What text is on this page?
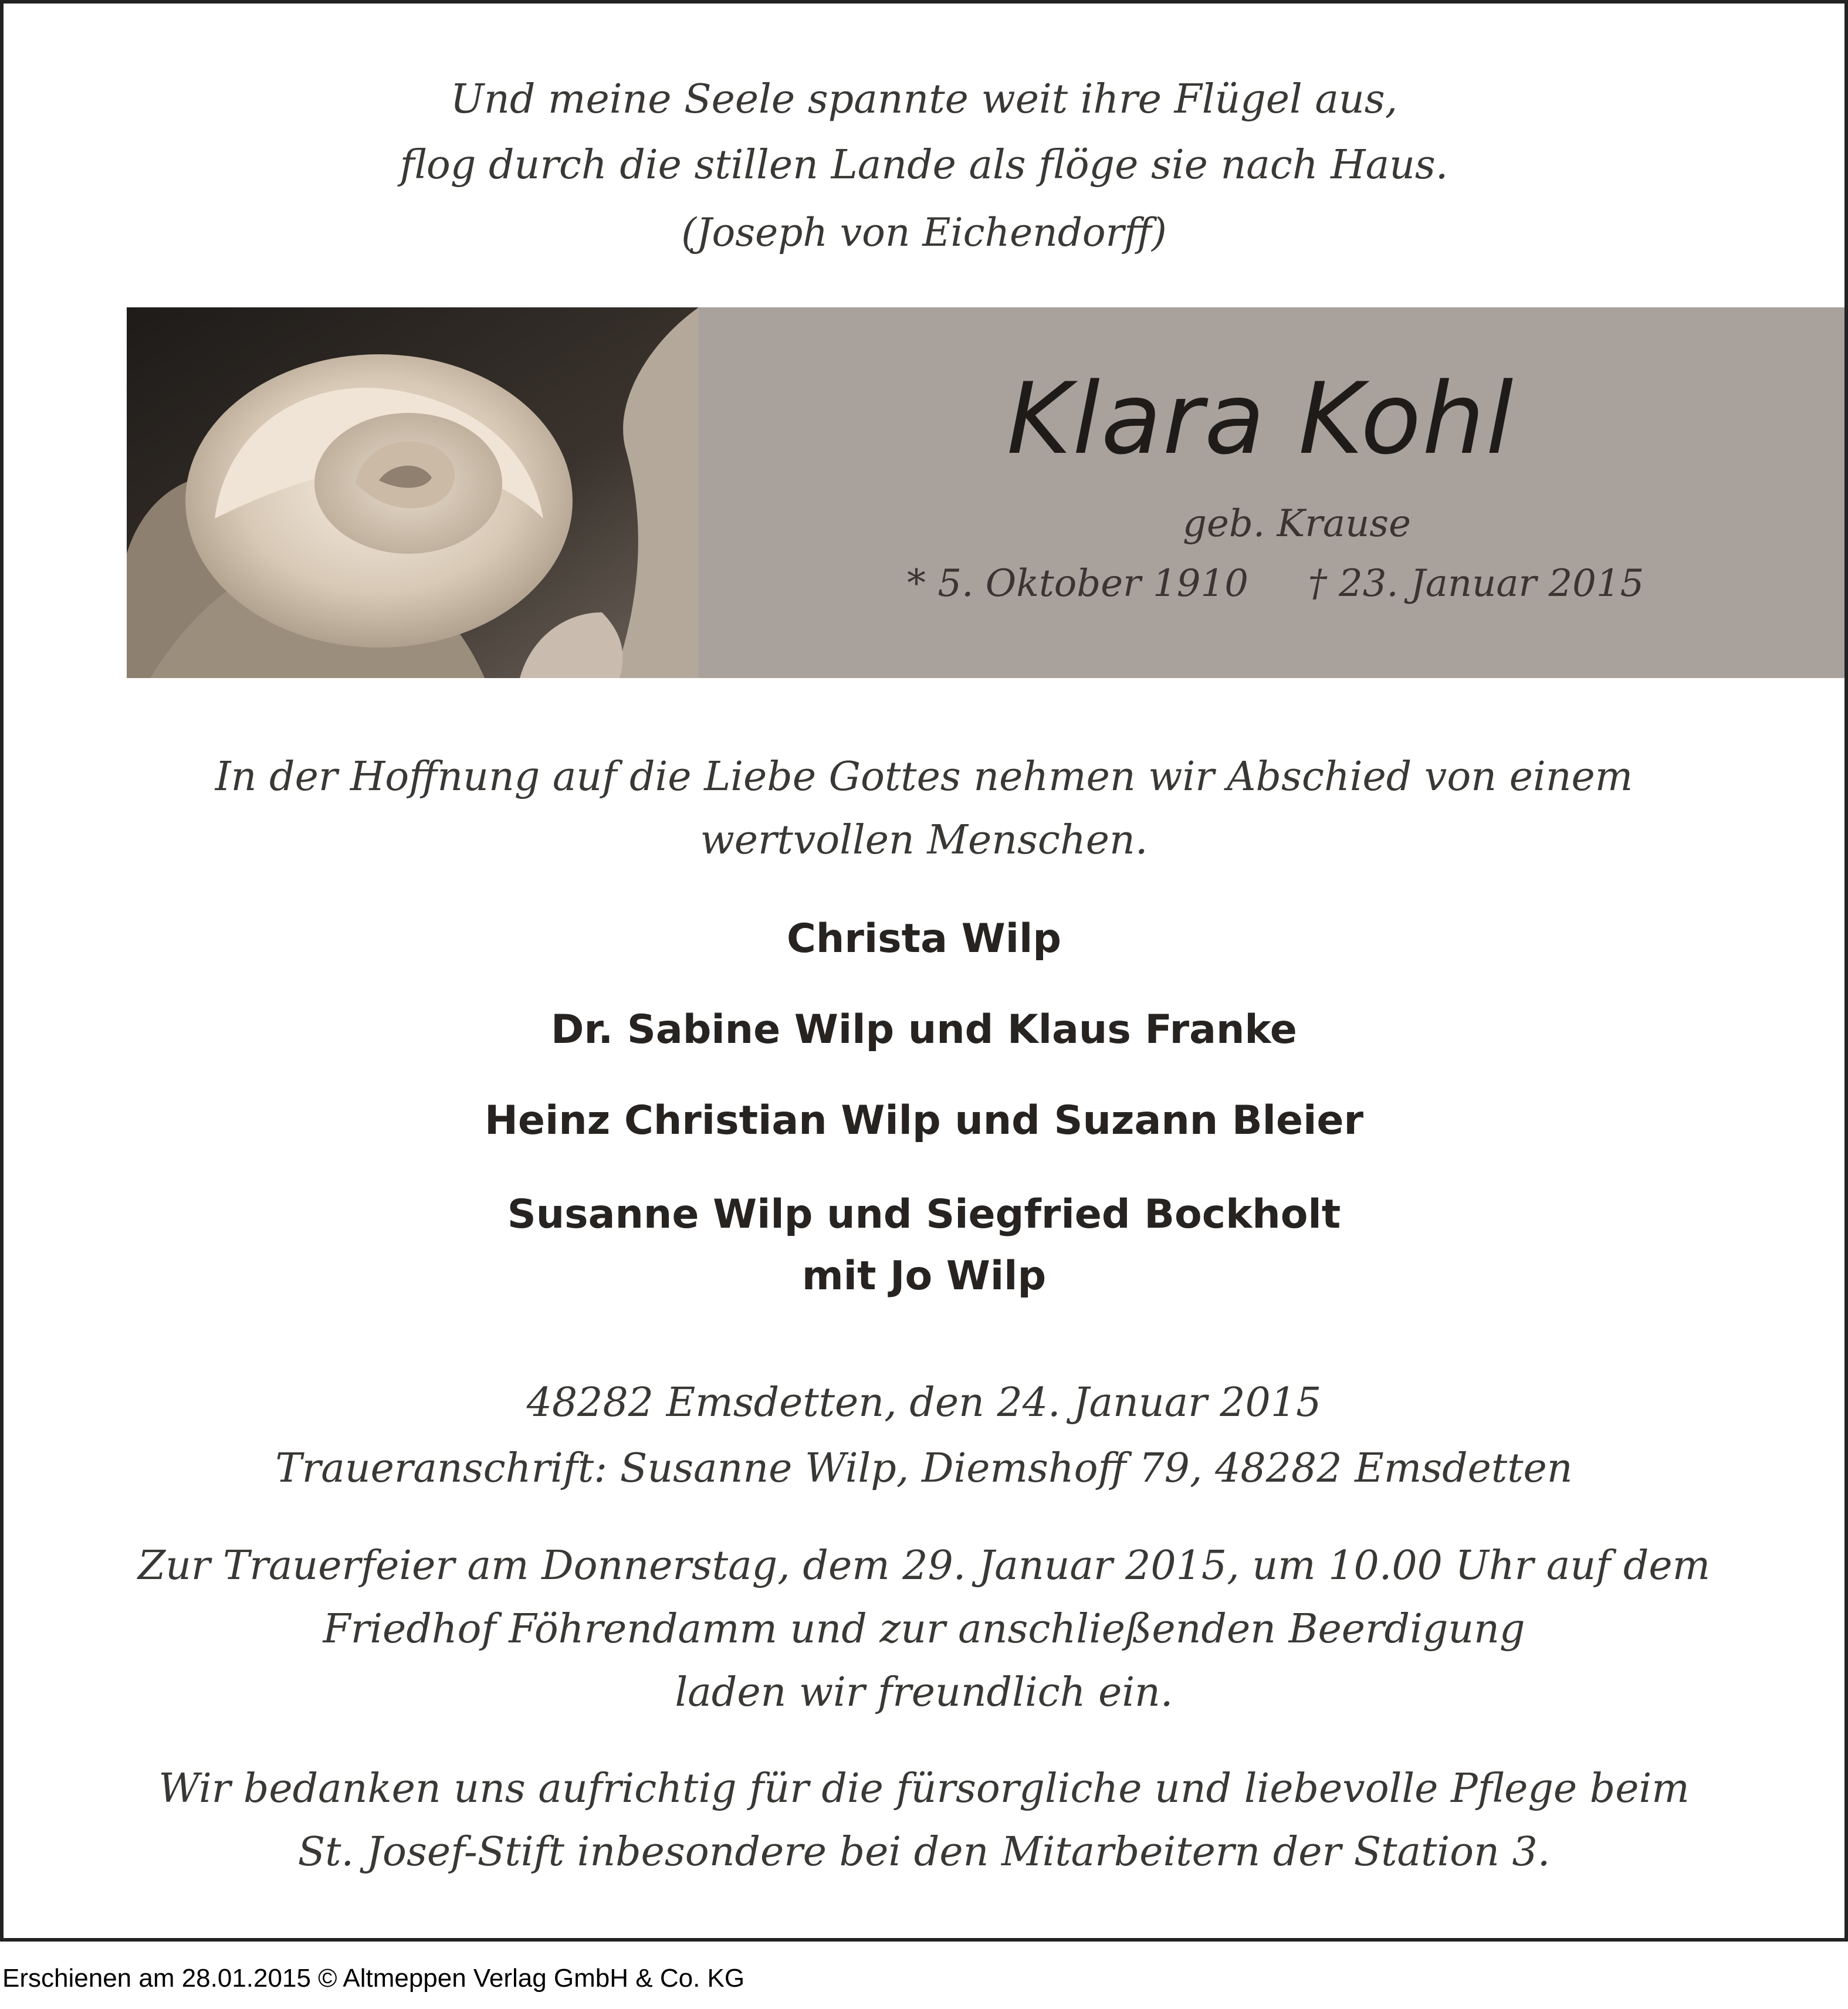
Und meine Seele spannte weit ihre Flügel aus,
flog durch die stillen Lande als flöge sie nach Haus.
(Joseph von Eichendorff)
Klara Kohl
geb. Krause
* 5. Oktober 1910 † 23. Januar 2015
In der Hoffnung auf die Liebe Gottes nehmen wir Abschied von einem
wertvollen Menschen.
Christa Wilp
Dr. Sabine Wilp und Klaus Franke
Heinz Christian Wilp und Suzann Bleier
Susanne Wilp und Siegfried Bockholt
mit Jo Wilp
48282 Emsdetten, den 24. Januar 2015
Traueranschrift: Susanne Wilp, Diemshoff 79, 48282 Emsdetten
Zur Trauerfeier am Donnerstag, dem 29. Januar 2015, um 10.00 Uhr auf dem
Friedhof Föhrendamm und zur anschließenden Beerdigung
laden wir freundlich ein.
Wir bedanken uns aufrichtig für die fürsorgliche und liebevolle Pflege beim
St. Josef-Stift inbesondere bei den Mitarbeitern der Station 3.
Erschienen am 28.01.2015 © Altmeppen Verlag GmbH & Co. KG
